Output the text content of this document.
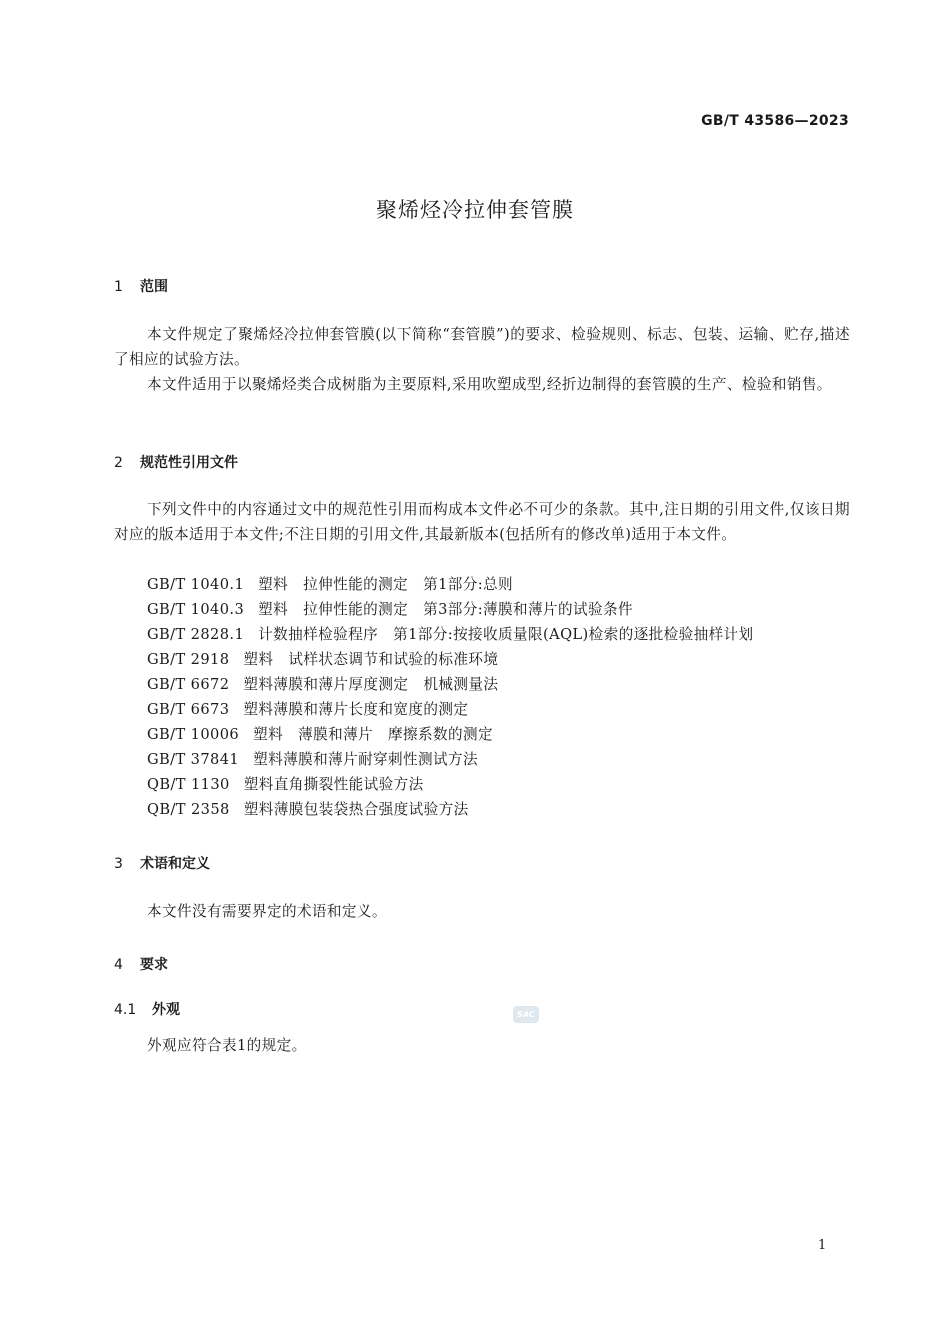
GB/T 43586—2023
聚烯烃冷拉伸套管膜
1 范围
本文件规定了聚烯烃冷拉伸套管膜(以下简称“套管膜”)的要求、检验规则、标志、包装、运输、贮存,描述了相应的试验方法。
本文件适用于以聚烯烃类合成树脂为主要原料,采用吹塑成型,经折边制得的套管膜的生产、检验和销售。
2 规范性引用文件
下列文件中的内容通过文中的规范性引用而构成本文件必不可少的条款。其中,注日期的引用文件,仅该日期对应的版本适用于本文件;不注日期的引用文件,其最新版本(包括所有的修改单)适用于本文件。
GB/T 1040.1 塑料　拉伸性能的测定　第1部分:总则
GB/T 1040.3 塑料　拉伸性能的测定　第3部分:薄膜和薄片的试验条件
GB/T 2828.1 计数抽样检验程序　第1部分:按接收质量限(AQL)检索的逐批检验抽样计划
GB/T 2918 塑料　试样状态调节和试验的标准环境
GB/T 6672 塑料薄膜和薄片厚度测定　机械测量法
GB/T 6673 塑料薄膜和薄片长度和宽度的测定
GB/T 10006 塑料　薄膜和薄片　摩擦系数的测定
GB/T 37841 塑料薄膜和薄片耐穿刺性测试方法
QB/T 1130 塑料直角撕裂性能试验方法
QB/T 2358 塑料薄膜包装袋热合强度试验方法
3 术语和定义
本文件没有需要界定的术语和定义。
4 要求
4.1 外观
外观应符合表1的规定。
SAC
1
